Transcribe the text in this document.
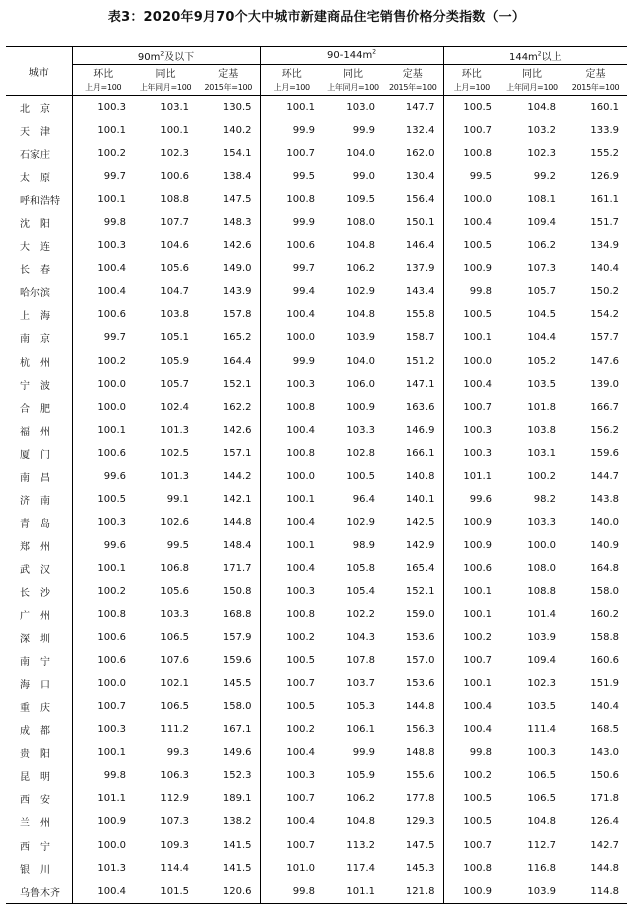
表3：2020年9月70个大中城市新建商品住宅销售价格分类指数（一）
城市	$90m^2$及以下			$90-144m^2$			$144m^2$以上		
	环比	同比	定基	环比	同比	定基	环比	同比	定基
	上月=100	上年同月=100	2015年=100	上月=100	上年同月=100	2015年=100	上月=100	上年同月=100	2015年=100
北　京	100.3	103.1	130.5	100.1	103.0	147.7	100.5	104.8	160.1
天　津	100.1	100.1	140.2	99.9	99.9	132.4	100.7	103.2	133.9
石家庄	100.2	102.3	154.1	100.7	104.0	162.0	100.8	102.3	155.2
太　原	99.7	100.6	138.4	99.5	99.0	130.4	99.5	99.2	126.9
呼和浩特	100.1	108.8	147.5	100.8	109.5	156.4	100.0	108.1	161.1
沈　阳	99.8	107.7	148.3	99.9	108.0	150.1	100.4	109.4	151.7
大　连	100.3	104.6	142.6	100.6	104.8	146.4	100.5	106.2	134.9
长　春	100.4	105.6	149.0	99.7	106.2	137.9	100.9	107.3	140.4
哈尔滨	100.4	104.7	143.9	99.4	102.9	143.4	99.8	105.7	150.2
上　海	100.6	103.8	157.8	100.4	104.8	155.8	100.5	104.5	154.2
南　京	99.7	105.1	165.2	100.0	103.9	158.7	100.1	104.4	157.7
杭　州	100.2	105.9	164.4	99.9	104.0	151.2	100.0	105.2	147.6
宁　波	100.0	105.7	152.1	100.3	106.0	147.1	100.4	103.5	139.0
合　肥	100.0	102.4	162.2	100.8	100.9	163.6	100.7	101.8	166.7
福　州	100.1	101.3	142.6	100.4	103.3	146.9	100.3	103.8	156.2
厦　门	100.6	102.5	157.1	100.8	102.8	166.1	100.3	103.1	159.6
南　昌	99.6	101.3	144.2	100.0	100.5	140.8	101.1	100.2	144.7
济　南	100.5	99.1	142.1	100.1	96.4	140.1	99.6	98.2	143.8
青　岛	100.3	102.6	144.8	100.4	102.9	142.5	100.9	103.3	140.0
郑　州	99.6	99.5	148.4	100.1	98.9	142.9	100.9	100.0	140.9
武　汉	100.1	106.8	171.7	100.4	105.8	165.4	100.6	108.0	164.8
长　沙	100.2	105.6	150.8	100.3	105.4	152.1	100.1	108.8	158.0
广　州	100.8	103.3	168.8	100.8	102.2	159.0	100.1	101.4	160.2
深　圳	100.6	106.5	157.9	100.2	104.3	153.6	100.2	103.9	158.8
南　宁	100.6	107.6	159.6	100.5	107.8	157.0	100.7	109.4	160.6
海　口	100.0	102.1	145.5	100.7	103.7	153.6	100.1	102.3	151.9
重　庆	100.7	106.5	158.0	100.5	105.3	144.8	100.4	103.5	140.4
成　都	100.3	111.2	167.1	100.2	106.1	156.3	100.4	111.4	168.5
贵　阳	100.1	99.3	149.6	100.4	99.9	148.8	99.8	100.3	143.0
昆　明	99.8	106.3	152.3	100.3	105.9	155.6	100.2	106.5	150.6
西　安	101.1	112.9	189.1	100.7	106.2	177.8	100.5	106.5	171.8
兰　州	100.9	107.3	138.2	100.4	104.8	129.3	100.5	104.8	126.4
西　宁	100.0	109.3	141.5	100.7	113.2	147.5	100.7	112.7	142.7
银　川	101.3	114.4	141.5	101.0	117.4	145.3	100.8	116.8	144.8
乌鲁木齐	100.4	101.5	120.6	99.8	101.1	121.8	100.9	103.9	114.8
